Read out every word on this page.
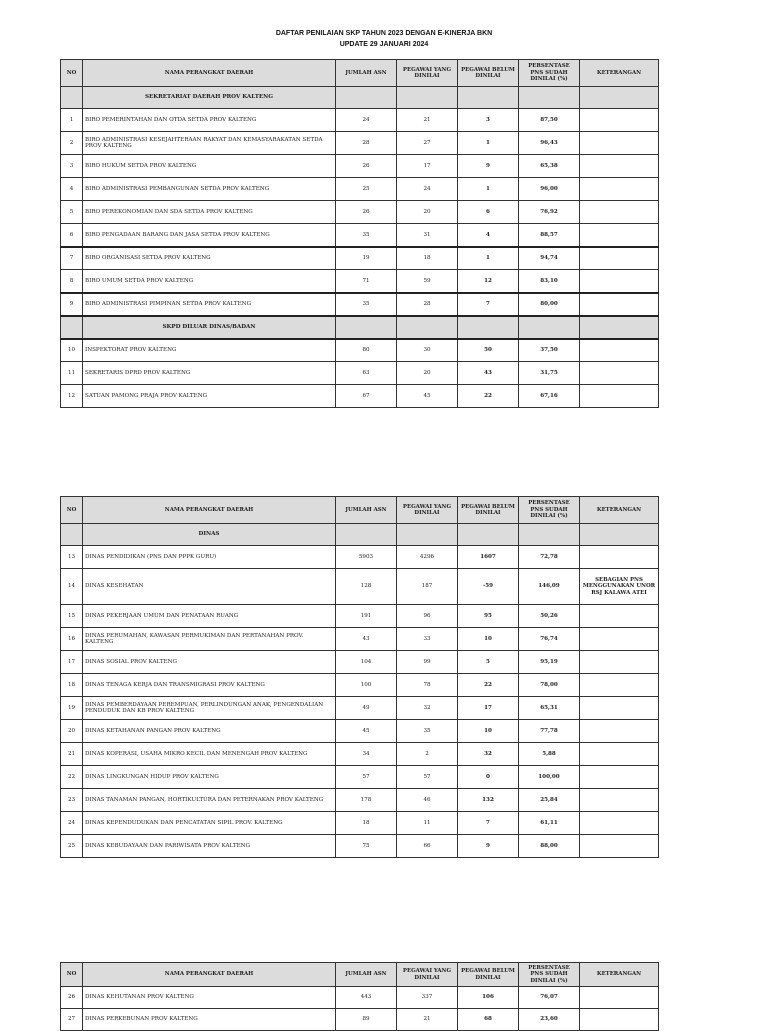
DAFTAR PENILAIAN SKP TAHUN 2023 DENGAN E-KINERJA BKN
UPDATE 29 JANUARI 2024
NO	NAMA PERANGKAT DAERAH	JUMLAH ASN	PEGAWAI YANG DINILAI	PEGAWAI BELUM DINILAI	PERSENTASE PNS SUDAH DINILAI (%)	KETERANGAN
	SEKRETARIAT DAERAH PROV KALTENG					
1	BIRO PEMERINTAHAN DAN OTDA SETDA PROV KALTENG	24	21	3	87,50	
2	BIRO ADMINISTRASI KESEJAHTERAAN RAKYAT DAN KEMASYARAKATAN SETDA PROV KALTENG	28	27	1	96,43	
3	BIRO HUKUM SETDA PROV KALTENG	26	17	9	65,38	
4	BIRO ADMINISTRASI PEMBANGUNAN SETDA PROV KALTENG	25	24	1	96,00	
5	BIRO PEREKONOMIAN DAN SDA SETDA PROV KALTENG	26	20	6	76,92	
6	BIRO PENGADAAN BARANG DAN JASA SETDA PROV KALTENG	35	31	4	88,57	
7	BIRO ORGANISASI SETDA PROV KALTENG	19	18	1	94,74	
8	BIRO UMUM SETDA PROV KALTENG	71	59	12	83,10	
9	BIRO ADMINISTRASI PIMPINAN SETDA PROV KALTENG	35	28	7	80,00	
	SKPD DILUAR DINAS/BADAN					
10	INSPEKTORAT PROV KALTENG	80	30	50	37,50	
11	SEKRETARIS DPRD PROV KALTENG	63	20	43	31,75	
12	SATUAN PAMONG PRAJA PROV KALTENG	67	45	22	67,16	
NO	NAMA PERANGKAT DAERAH	JUMLAH ASN	PEGAWAI YANG DINILAI	PEGAWAI BELUM DINILAI	PERSENTASE PNS SUDAH DINILAI (%)	KETERANGAN
	DINAS					
13	DINAS PENDIDIKAN (PNS DAN PPPK GURU)	5903	4296	1607	72,78	
14	DINAS KESEHATAN	128	187	-59	146,09	SEBAGIAN PNS MENGGUNAKAN UNOR RSJ KALAWA ATEI
15	DINAS PEKERJAAN UMUM DAN PENATAAN RUANG	191	96	95	50,26	
16	DINAS PERUMAHAN, KAWASAN PERMUKIMAN DAN PERTANAHAN PROV. KALTENG	43	33	10	76,74	
17	DINAS SOSIAL PROV KALTENG	104	99	5	95,19	
18	DINAS TENAGA KERJA DAN TRANSMIGRASI PROV KALTENG	100	78	22	78,00	
19	DINAS PEMBERDAYAAN PEREMPUAN, PERLINDUNGAN ANAK, PENGENDALIAN PENDUDUK DAN KB PROV KALTENG	49	32	17	65,31	
20	DINAS KETAHANAN PANGAN PROV KALTENG	45	35	10	77,78	
21	DINAS KOPERASI, USAHA MIKRO KECIL DAN MENENGAH PROV KALTENG	34	2	32	5,88	
22	DINAS LINGKUNGAN HIDUP PROV KALTENG	57	57	0	100,00	
23	DINAS TANAMAN PANGAN, HORTIKULTURA DAN PETERNAKAN PROV KALTENG	178	46	132	25,84	
24	DINAS KEPENDUDUKAN DAN PENCATATAN SIPIL PROV. KALTENG	18	11	7	61,11	
25	DINAS KEBUDAYAAN DAN PARIWISATA PROV KALTENG	75	66	9	88,00	
NO	NAMA PERANGKAT DAERAH	JUMLAH ASN	PEGAWAI YANG DINILAI	PEGAWAI BELUM DINILAI	PERSENTASE PNS SUDAH DINILAI (%)	KETERANGAN
26	DINAS KEHUTANAN PROV KALTENG	443	337	106	76,07	
27	DINAS PERKEBUNAN PROV KALTENG	89	21	68	23,60	
